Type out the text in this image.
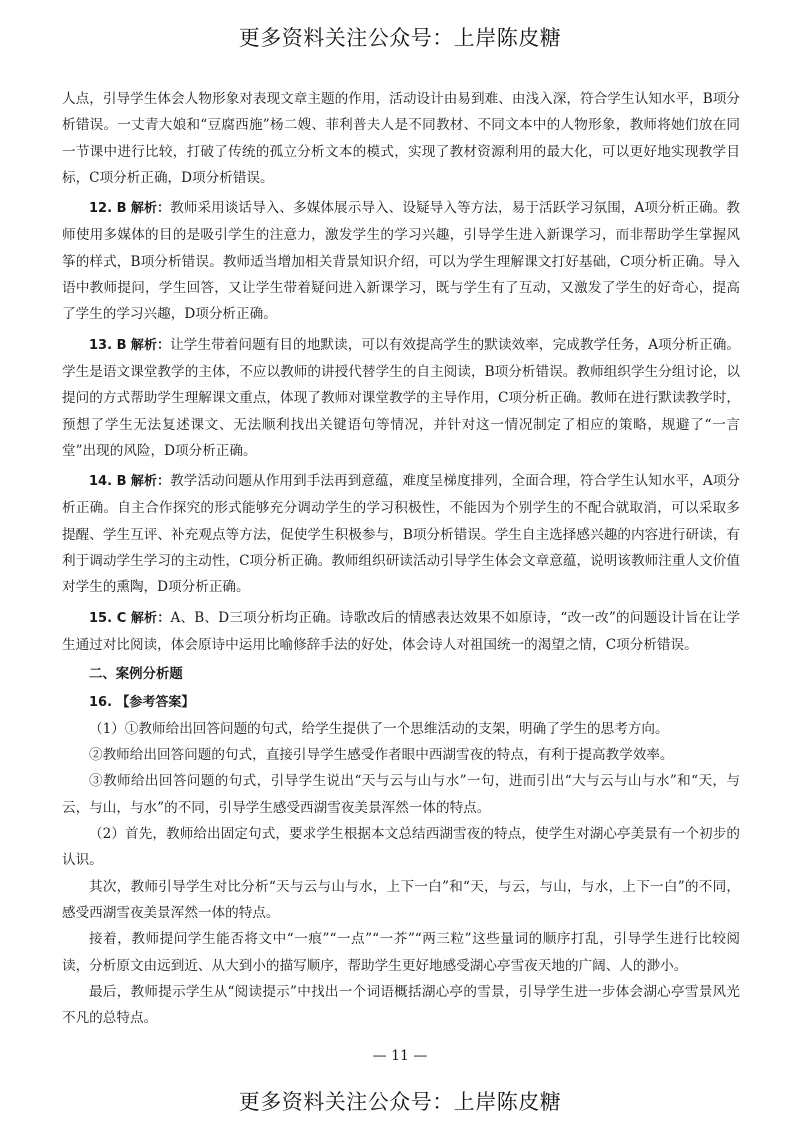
更多资料关注公众号：上岸陈皮糖

人点，引导学生体会人物形象对表现文章主题的作用，活动设计由易到难、由浅入深，符合学生认知水平，B项分析错误。一丈青大娘和“豆腐西施”杨二嫂、菲利普夫人是不同教材、不同文本中的人物形象，教师将她们放在同一节课中进行比较，打破了传统的孤立分析文本的模式，实现了教材资源利用的最大化，可以更好地实现教学目标，C项分析正确，D项分析错误。

12. B 解析：教师采用谈话导入、多媒体展示导入、设疑导入等方法，易于活跃学习氛围，A项分析正确。教师使用多媒体的目的是吸引学生的注意力，激发学生的学习兴趣，引导学生进入新课学习，而非帮助学生掌握风筝的样式，B项分析错误。教师适当增加相关背景知识介绍，可以为学生理解课文打好基础，C项分析正确。导入语中教师提问，学生回答，又让学生带着疑问进入新课学习，既与学生有了互动，又激发了学生的好奇心，提高了学生的学习兴趣，D项分析正确。

13. B 解析：让学生带着问题有目的地默读，可以有效提高学生的默读效率，完成教学任务，A项分析正确。学生是语文课堂教学的主体，不应以教师的讲授代替学生的自主阅读，B项分析错误。教师组织学生分组讨论，以提问的方式帮助学生理解课文重点，体现了教师对课堂教学的主导作用，C项分析正确。教师在进行默读教学时，预想了学生无法复述课文、无法顺利找出关键语句等情况，并针对这一情况制定了相应的策略，规避了“一言堂”出现的风险，D项分析正确。

14. B 解析：教学活动问题从作用到手法再到意蕴，难度呈梯度排列，全面合理，符合学生认知水平，A项分析正确。自主合作探究的形式能够充分调动学生的学习积极性，不能因为个别学生的不配合就取消，可以采取多提醒、学生互评、补充观点等方法，促使学生积极参与，B项分析错误。学生自主选择感兴趣的内容进行研读，有利于调动学生学习的主动性，C项分析正确。教师组织研读活动引导学生体会文章意蕴，说明该教师注重人文价值对学生的熏陶，D项分析正确。

15. C 解析：A、B、D三项分析均正确。诗歌改后的情感表达效果不如原诗，“改一改”的问题设计旨在让学生通过对比阅读，体会原诗中运用比喻修辞手法的好处，体会诗人对祖国统一的渴望之情，C项分析错误。

二、案例分析题

16. 【参考答案】

（1）①教师给出回答问题的句式，给学生提供了一个思维活动的支架，明确了学生的思考方向。

②教师给出回答问题的句式，直接引导学生感受作者眼中西湖雪夜的特点，有利于提高教学效率。

③教师给出回答问题的句式，引导学生说出“天与云与山与水”一句，进而引出“大与云与山与水”和“天，与云，与山，与水”的不同，引导学生感受西湖雪夜美景浑然一体的特点。

（2）首先，教师给出固定句式，要求学生根据本文总结西湖雪夜的特点，使学生对湖心亭美景有一个初步的认识。

其次，教师引导学生对比分析“天与云与山与水，上下一白”和“天，与云，与山，与水，上下一白”的不同，感受西湖雪夜美景浑然一体的特点。

接着，教师提问学生能否将文中“一痕”“一点”“一芥”“两三粒”这些量词的顺序打乱，引导学生进行比较阅读，分析原文由远到近、从大到小的描写顺序，帮助学生更好地感受湖心亭雪夜天地的广阔、人的渺小。

最后，教师提示学生从“阅读提示”中找出一个词语概括湖心亭的雪景，引导学生进一步体会湖心亭雪景风光不凡的总特点。

— 11 —
更多资料关注公众号：上岸陈皮糖
